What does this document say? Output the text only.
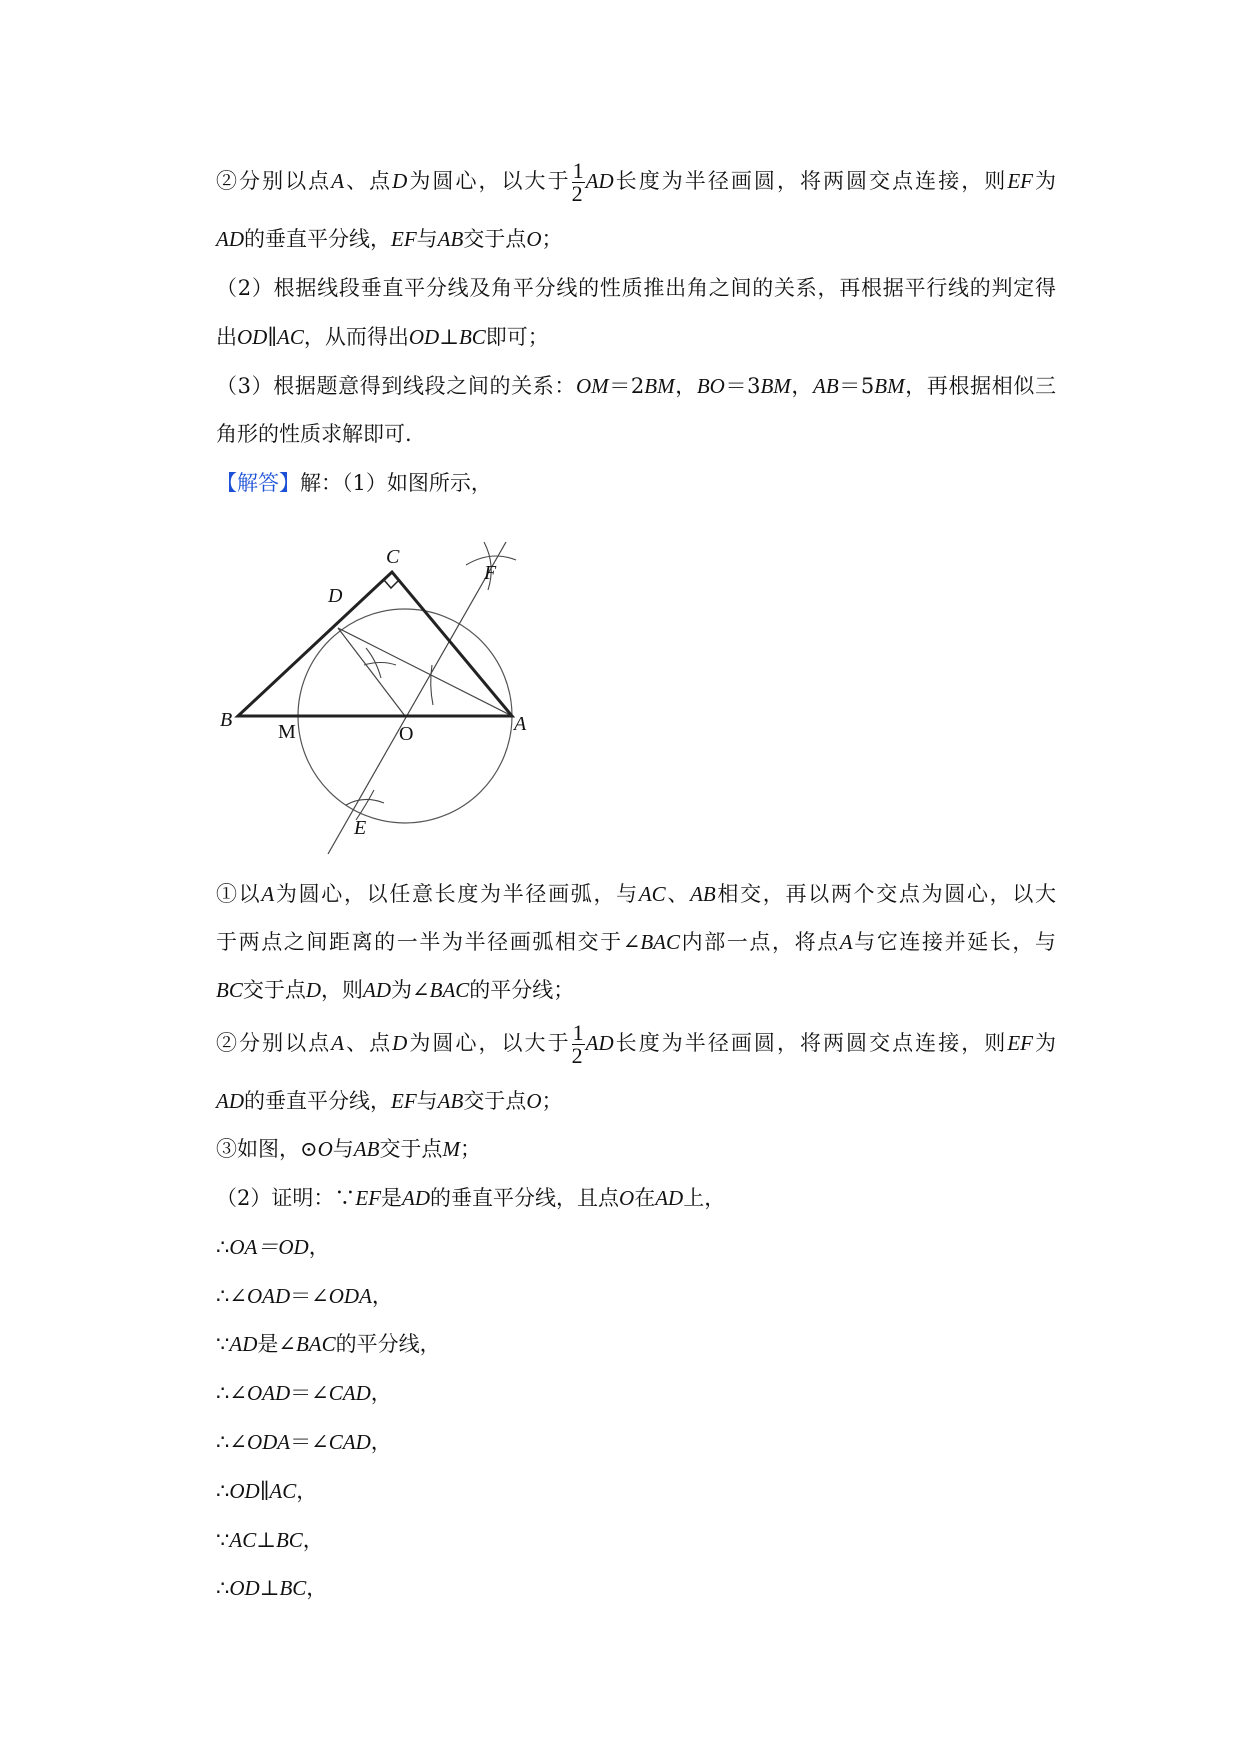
②分别以点A、点D为圆心，以大于 $\frac{1}{2}$ AD长度为半径画圆，将两圆交点连接，则EF为
AD的垂直平分线，EF与AB交于点O；
（2）根据线段垂直平分线及角平分线的性质推出角之间的关系，再根据平行线的判定得
出OD∥AC，从而得出OD⊥BC即可；
（3）根据题意得到线段之间的关系：OM＝2BM，BO＝3BM，AB＝5BM，再根据相似三
角形的性质求解即可.
【解答】解：（1）如图所示，
C
D
F
B
M	O	A
E
①以A为圆心，以任意长度为半径画弧，与AC、AB相交，再以两个交点为圆心，以大
于两点之间距离的一半为半径画弧相交于∠BAC内部一点，将点A与它连接并延长，与
BC交于点D，则AD为∠BAC的平分线；
②分别以点A、点D为圆心，以大于 $\frac{1}{2}$ AD长度为半径画圆，将两圆交点连接，则EF为
AD的垂直平分线，EF与AB交于点O；
③如图，⊙O与AB交于点M；
（2）证明：∵EF是AD的垂直平分线，且点O在AD上，
∴OA＝OD，
∴∠OAD＝∠ODA，
∵AD是∠BAC的平分线，
∴∠OAD＝∠CAD，
∴∠ODA＝∠CAD，
∴OD∥AC，
∵AC⊥BC，
∴OD⊥BC，
